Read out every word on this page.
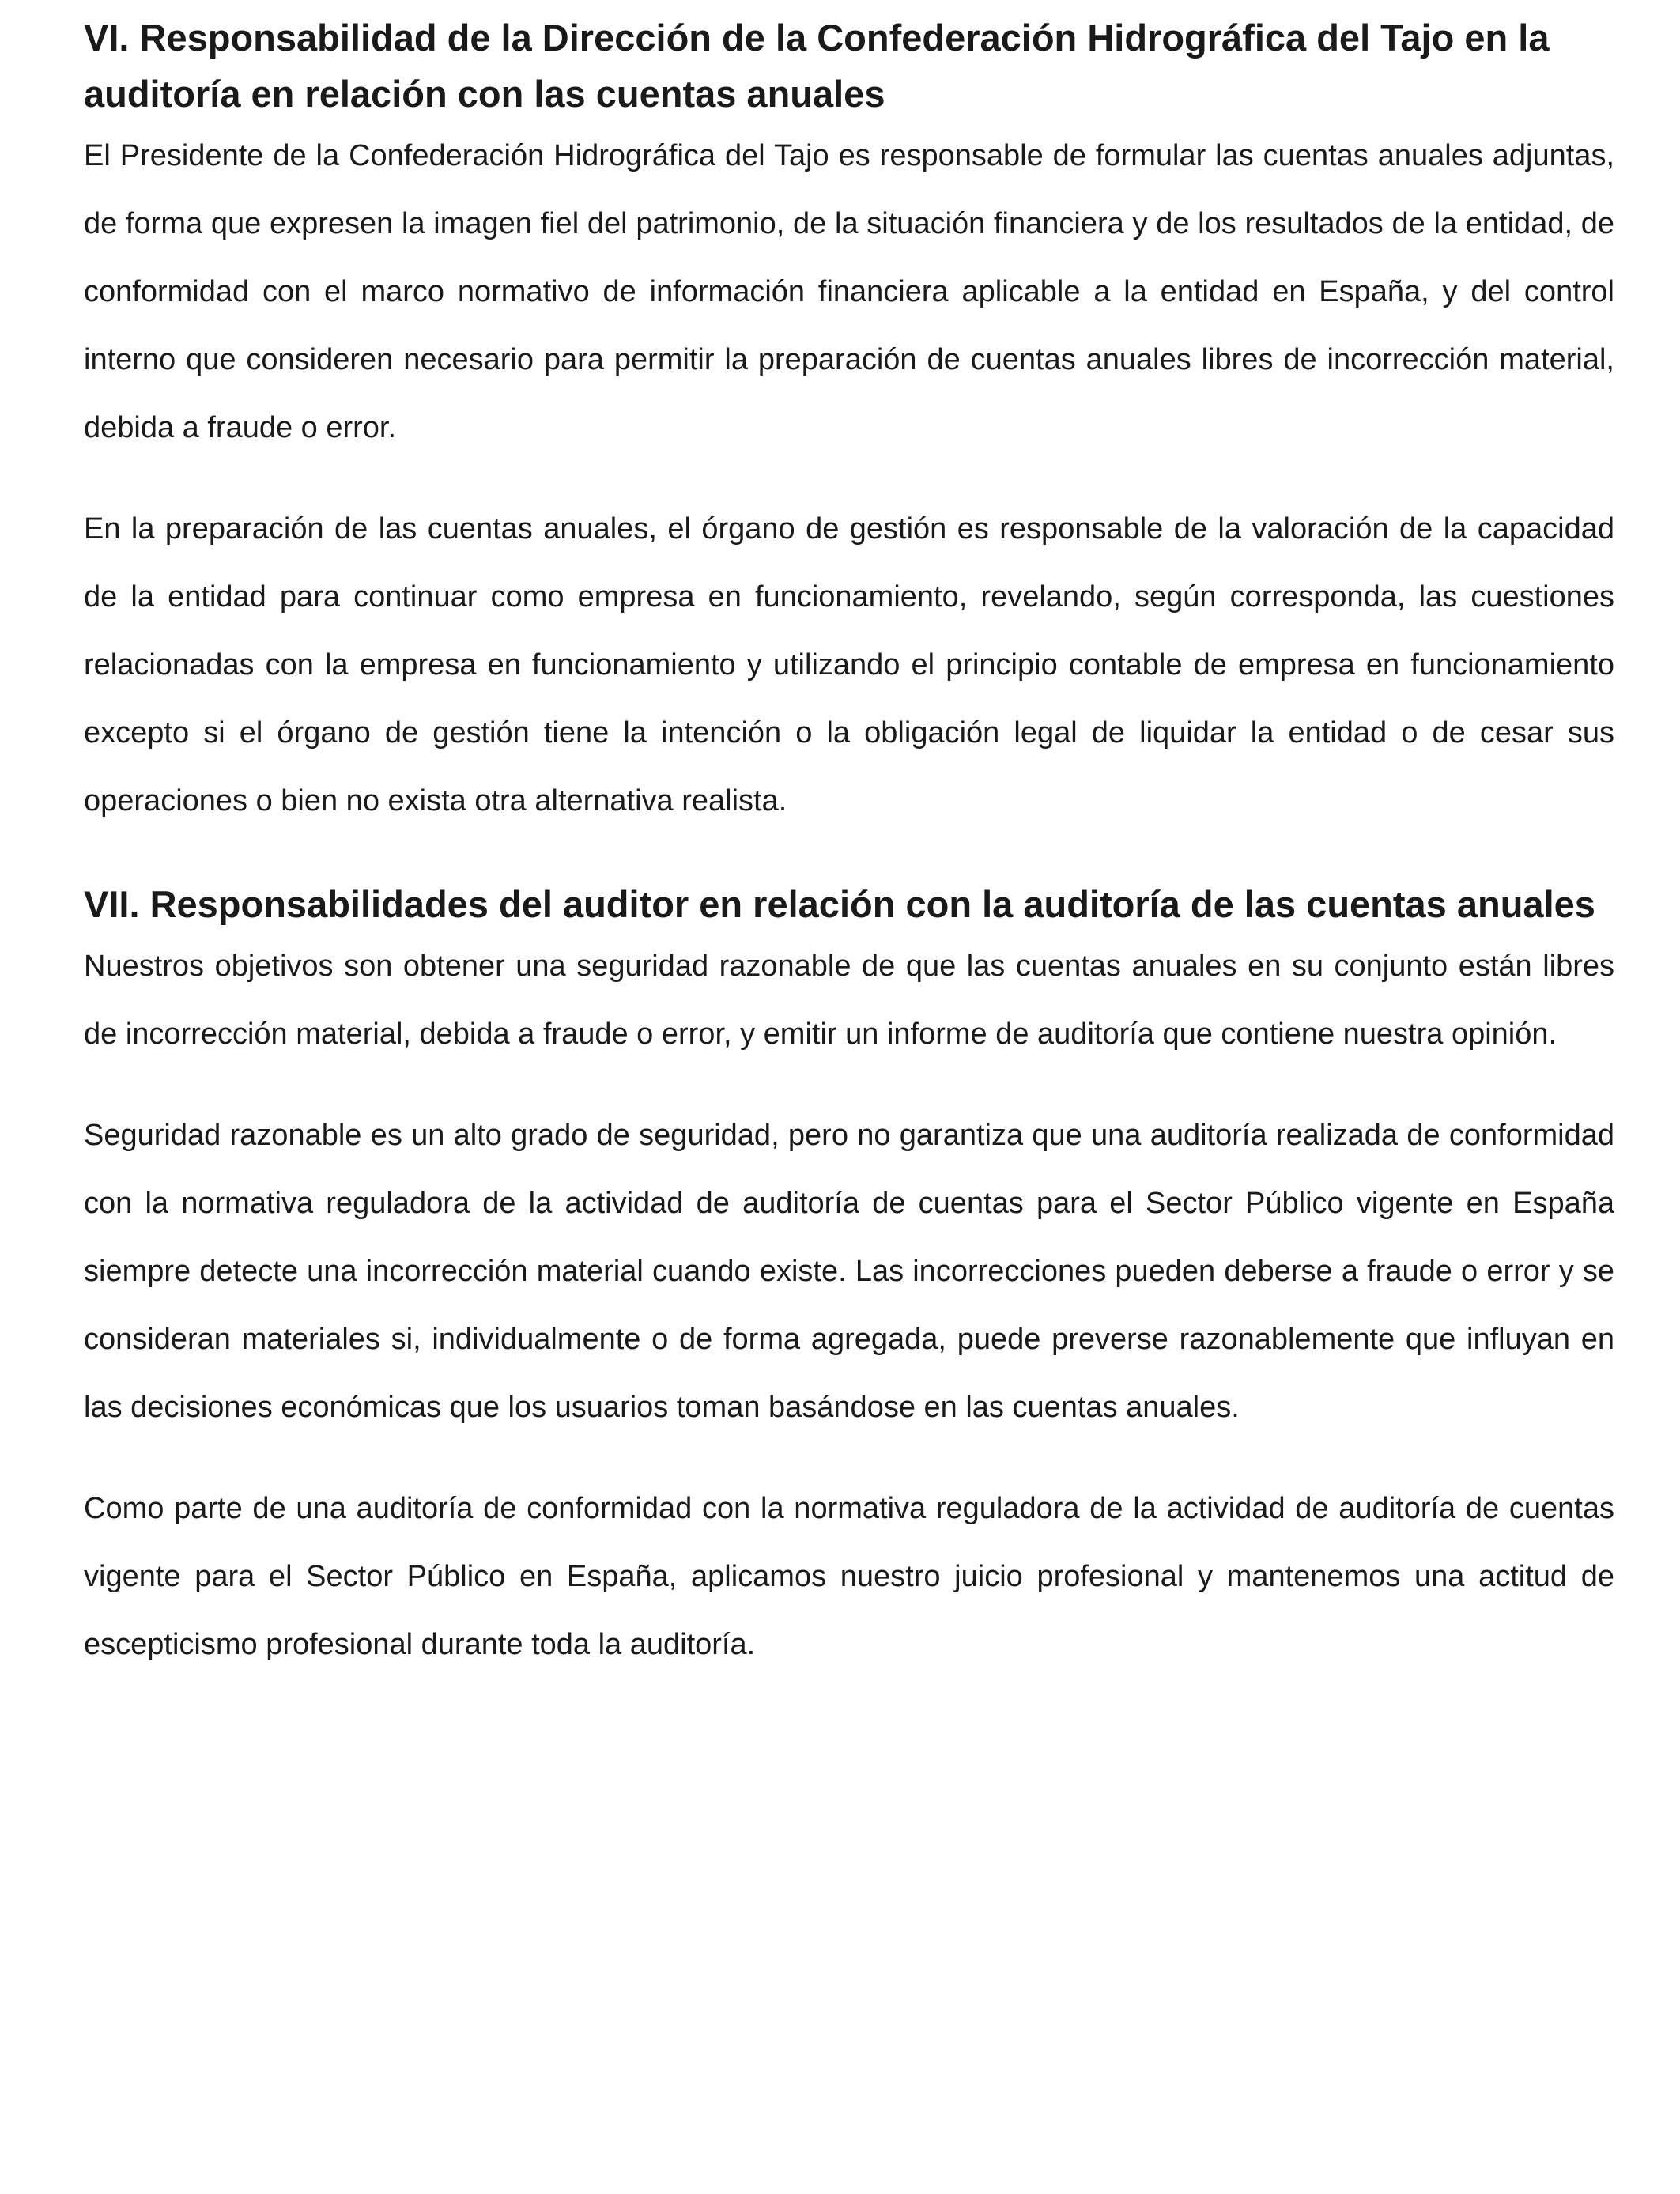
VI. Responsabilidad de la Dirección de la Confederación Hidrográfica del Tajo en la auditoría en relación con las cuentas anuales

El Presidente de la Confederación Hidrográfica del Tajo es responsable de formular las cuentas anuales adjuntas, de forma que expresen la imagen fiel del patrimonio, de la situación financiera y de los resultados de la entidad, de conformidad con el marco normativo de información financiera aplicable a la entidad en España, y del control interno que consideren necesario para permitir la preparación de cuentas anuales libres de incorrección material, debida a fraude o error.

En la preparación de las cuentas anuales, el órgano de gestión es responsable de la valoración de la capacidad de la entidad para continuar como empresa en funcionamiento, revelando, según corresponda, las cuestiones relacionadas con la empresa en funcionamiento y utilizando el principio contable de empresa en funcionamiento excepto si el órgano de gestión tiene la intención o la obligación legal de liquidar la entidad o de cesar sus operaciones o bien no exista otra alternativa realista.

VII. Responsabilidades del auditor en relación con la auditoría de las cuentas anuales

Nuestros objetivos son obtener una seguridad razonable de que las cuentas anuales en su conjunto están libres de incorrección material, debida a fraude o error, y emitir un informe de auditoría que contiene nuestra opinión.

Seguridad razonable es un alto grado de seguridad, pero no garantiza que una auditoría realizada de conformidad con la normativa reguladora de la actividad de auditoría de cuentas para el Sector Público vigente en España siempre detecte una incorrección material cuando existe. Las incorrecciones pueden deberse a fraude o error y se consideran materiales si, individualmente o de forma agregada, puede preverse razonablemente que influyan en las decisiones económicas que los usuarios toman basándose en las cuentas anuales.

Como parte de una auditoría de conformidad con la normativa reguladora de la actividad de auditoría de cuentas vigente para el Sector Público en España, aplicamos nuestro juicio profesional y mantenemos una actitud de escepticismo profesional durante toda la auditoría.
